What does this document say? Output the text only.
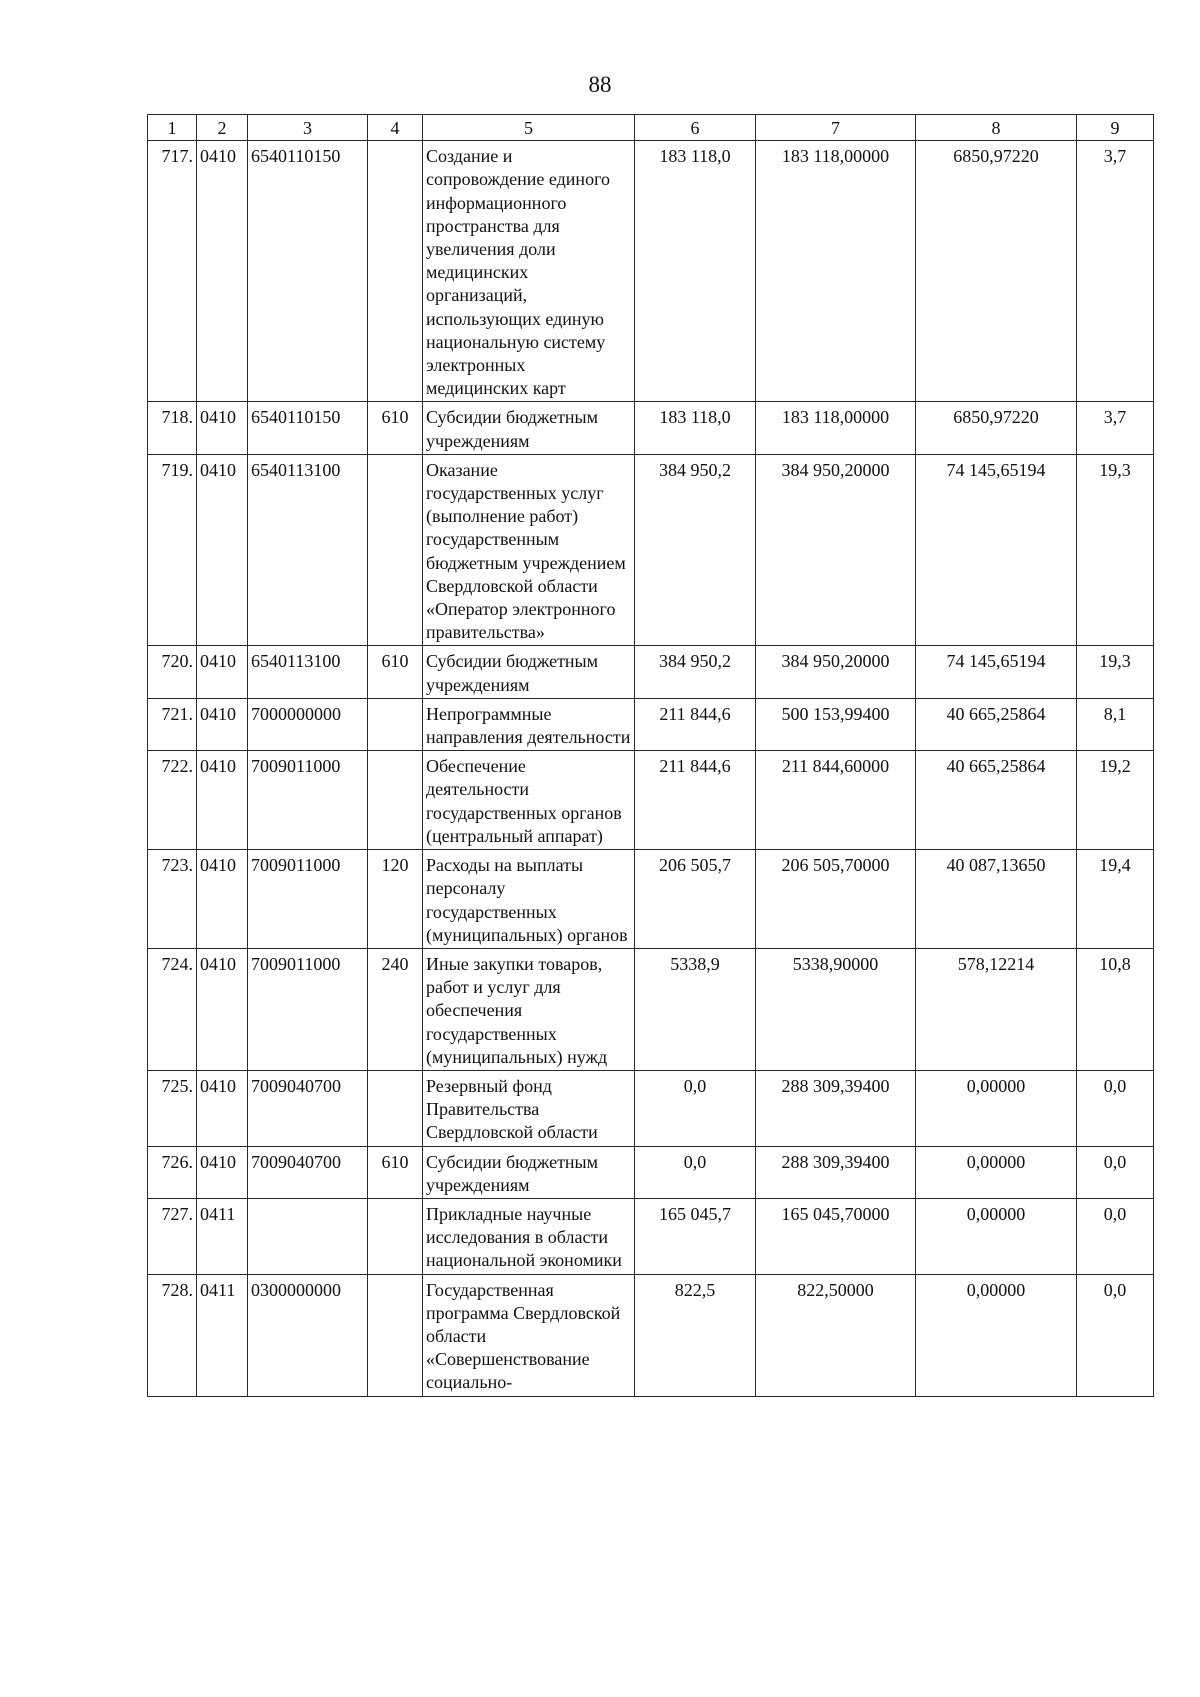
88
1	2	3	4	5	6	7	8	9
717.	0410	6540110150		Создание и сопровождение единого информационного пространства для увеличения доли медицинских организаций, использующих единую национальную систему электронных медицинских карт	183 118,0	183 118,00000	6850,97220	3,7
718.	0410	6540110150	610	Субсидии бюджетным учреждениям	183 118,0	183 118,00000	6850,97220	3,7
719.	0410	6540113100		Оказание государственных услуг (выполнение работ) государственным бюджетным учреждением Свердловской области «Оператор электронного правительства»	384 950,2	384 950,20000	74 145,65194	19,3
720.	0410	6540113100	610	Субсидии бюджетным учреждениям	384 950,2	384 950,20000	74 145,65194	19,3
721.	0410	7000000000		Непрограммные направления деятельности	211 844,6	500 153,99400	40 665,25864	8,1
722.	0410	7009011000		Обеспечение деятельности государственных органов (центральный аппарат)	211 844,6	211 844,60000	40 665,25864	19,2
723.	0410	7009011000	120	Расходы на выплаты персоналу государственных (муниципальных) органов	206 505,7	206 505,70000	40 087,13650	19,4
724.	0410	7009011000	240	Иные закупки товаров, работ и услуг для обеспечения государственных (муниципальных) нужд	5338,9	5338,90000	578,12214	10,8
725.	0410	7009040700		Резервный фонд Правительства Свердловской области	0,0	288 309,39400	0,00000	0,0
726.	0410	7009040700	610	Субсидии бюджетным учреждениям	0,0	288 309,39400	0,00000	0,0
727.	0411			Прикладные научные исследования в области национальной экономики	165 045,7	165 045,70000	0,00000	0,0
728.	0411	0300000000		Государственная программа Свердловской области «Совершенствование социально-	822,5	822,50000	0,00000	0,0
